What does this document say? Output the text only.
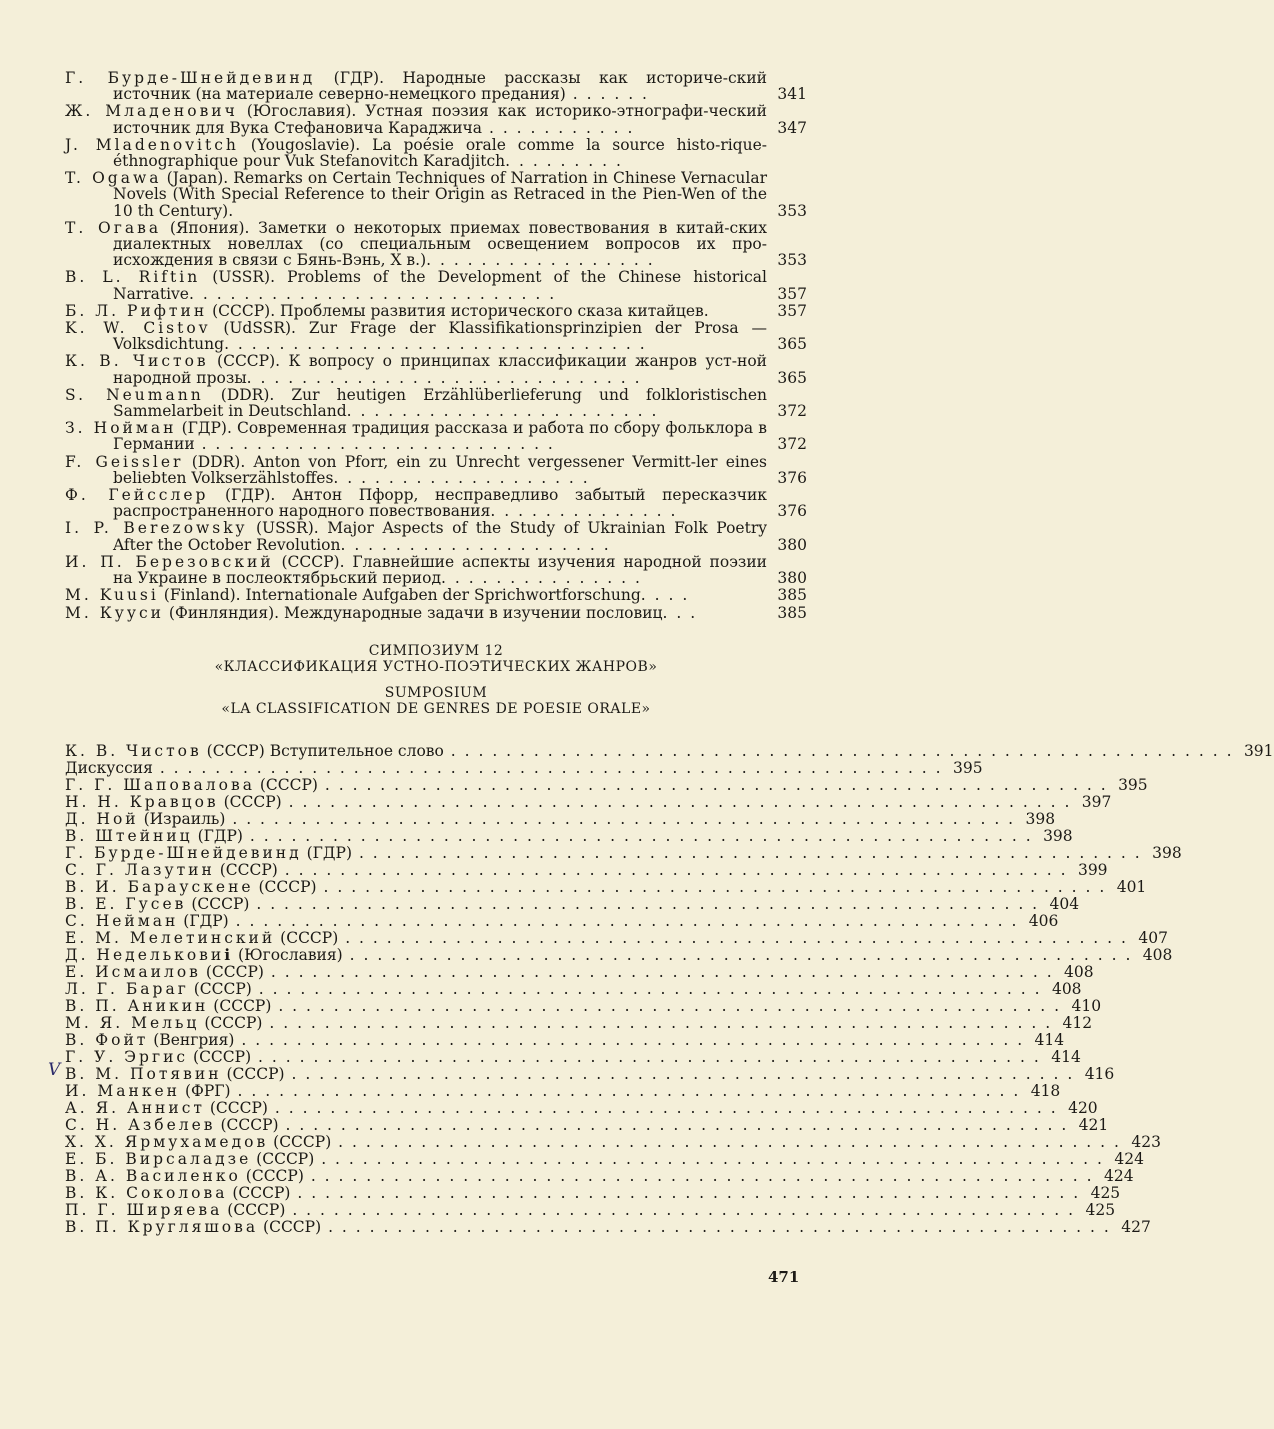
Г. Бурде-Шнейдевинд (ГДР). Народные рассказы как историче-ский источник (на материале северно-немецкого предания) . . . . . .	341
Ж. Младенович (Югославия). Устная поэзия как историко-этнографи-ческий источник для Вука Стефановича Караджича . . . . . . . . . . .	347
J. Mladenovitch (Yougoslavie). La poésie orale comme la source histo-rique-éthnographique pour Vuk Stefanovitch Karadjitch. . . . . . . . .
T. Ogawa (Japan). Remarks on Certain Techniques of Narration in Chinese Vernacular Novels (With Special Reference to their Origin as Retraced in the Pien-Wen of the 10 th Century).	353
Т. Огава (Япония). Заметки о некоторых приемах повествования в китай-ских диалектных новеллах (со специальным освещением вопросов их про-исхождения в связи с Бянь-Вэнь, X в.). . . . . . . . . . . . . . . . .	353
B. L. Riftin (USSR). Problems of the Development of the Chinese historical Narrative. . . . . . . . . . . . . . . . . . . . . . . . . . .	357
Б. Л. Рифтин (СССР). Проблемы развития исторического сказа китайцев.	357
K. W. Cistov (UdSSR). Zur Frage der Klassifikationsprinzipien der Prosa — Volksdichtung. . . . . . . . . . . . . . . . . . . . . . . . . . . . . . .	365
К. В. Чистов (СССР). К вопросу о принципах классификации жанров уст-ной народной прозы. . . . . . . . . . . . . . . . . . . . . . . . . . . . .	365
S. Neumann (DDR). Zur heutigen Erzählüberlieferung und folkloristischen Sammelarbeit in Deutschland. . . . . . . . . . . . . . . . . . . . . . .	372
З. Нойман (ГДР). Современная традиция рассказа и работа по сбору фольклора в Германии . . . . . . . . . . . . . . . . . . . . . . . . . .	372
F. Geissler (DDR). Anton von Pforr, ein zu Unrecht vergessener Vermitt-ler eines beliebten Volkserzählstoffes. . . . . . . . . . . . . . . . . . .	376
Ф. Гейсслер (ГДР). Антон Пфорр, несправедливо забытый пересказчик распространенного народного повествования. . . . . . . . . . . . . .	376
I. P. Berezowsky (USSR). Major Aspects of the Study of Ukrainian Folk Poetry After the October Revolution. . . . . . . . . . . . . . . . . . . .	380
И. П. Березовский (СССР). Главнейшие аспекты изучения народной поэзии на Украине в послеоктябрьский период. . . . . . . . . . . . . . .	380
M. Kuusi (Finland). Internationale Aufgaben der Sprichwortforschung. . . .	385
М. Кууси (Финляндия). Международные задачи в изучении пословиц. . .	385
СИМПОЗИУМ 12
«КЛАССИФИКАЦИЯ УСТНО-ПОЭТИЧЕСКИХ ЖАНРОВ»
SUMPOSIUM
«LA CLASSIFICATION DE GENRES DE POESIE ORALE»
К. В. Чистов (СССР) Вступительное слово . . . . . . . . . . . . . . . . . . . . . . . . . . . . . . . . . . . . . . . . . . . . . . . . . . . . . . . . . 391
Дискуссия . . . . . . . . . . . . . . . . . . . . . . . . . . . . . . . . . . . . . . . . . . . . . . . . . . . . . . . . . 395
Г. Г. Шаповалова (СССР) . . . . . . . . . . . . . . . . . . . . . . . . . . . . . . . . . . . . . . . . . . . . . . . . . . . . . . . . . 395
Н. Н. Кравцов (СССР) . . . . . . . . . . . . . . . . . . . . . . . . . . . . . . . . . . . . . . . . . . . . . . . . . . . . . . . . . 397
Д. Ной (Израиль) . . . . . . . . . . . . . . . . . . . . . . . . . . . . . . . . . . . . . . . . . . . . . . . . . . . . . . . . . 398
В. Штейниц (ГДР) . . . . . . . . . . . . . . . . . . . . . . . . . . . . . . . . . . . . . . . . . . . . . . . . . . . . . . . . . 398
Г. Бурде-Шнейдевинд (ГДР) . . . . . . . . . . . . . . . . . . . . . . . . . . . . . . . . . . . . . . . . . . . . . . . . . . . . . . . . . 398
С. Г. Лазутин (СССР) . . . . . . . . . . . . . . . . . . . . . . . . . . . . . . . . . . . . . . . . . . . . . . . . . . . . . . . . . 399
В. И. Барауск​ене (СССР) . . . . . . . . . . . . . . . . . . . . . . . . . . . . . . . . . . . . . . . . . . . . . . . . . . . . . . . . . 401
В. Е. Гусев (СССР) . . . . . . . . . . . . . . . . . . . . . . . . . . . . . . . . . . . . . . . . . . . . . . . . . . . . . . . . . 404
С. Нейман (ГДР) . . . . . . . . . . . . . . . . . . . . . . . . . . . . . . . . . . . . . . . . . . . . . . . . . . . . . . . . . 406
Е. М. Мелетинский (СССР) . . . . . . . . . . . . . . . . . . . . . . . . . . . . . . . . . . . . . . . . . . . . . . . . . . . . . . . . . 407
Д. Недельковиℹ (Югославия) . . . . . . . . . . . . . . . . . . . . . . . . . . . . . . . . . . . . . . . . . . . . . . . . . . . . . . . . . 408
Е. Исмаилов (СССР) . . . . . . . . . . . . . . . . . . . . . . . . . . . . . . . . . . . . . . . . . . . . . . . . . . . . . . . . . 408
Л. Г. Бараг (СССР) . . . . . . . . . . . . . . . . . . . . . . . . . . . . . . . . . . . . . . . . . . . . . . . . . . . . . . . . . 408
В. П. Аникин (СССР) . . . . . . . . . . . . . . . . . . . . . . . . . . . . . . . . . . . . . . . . . . . . . . . . . . . . . . . . . 410
М. Я. Мельц (СССР) . . . . . . . . . . . . . . . . . . . . . . . . . . . . . . . . . . . . . . . . . . . . . . . . . . . . . . . . . 412
В. Фойт (Венгрия) . . . . . . . . . . . . . . . . . . . . . . . . . . . . . . . . . . . . . . . . . . . . . . . . . . . . . . . . . 414
Г. У. Эргис (СССР) . . . . . . . . . . . . . . . . . . . . . . . . . . . . . . . . . . . . . . . . . . . . . . . . . . . . . . . . . 414
В. М. Потявин (СССР) . . . . . . . . . . . . . . . . . . . . . . . . . . . . . . . . . . . . . . . . . . . . . . . . . . . . . . . . . 416
И. Манкен (ФРГ) . . . . . . . . . . . . . . . . . . . . . . . . . . . . . . . . . . . . . . . . . . . . . . . . . . . . . . . . . 418
А. Я. Аннист (СССР) . . . . . . . . . . . . . . . . . . . . . . . . . . . . . . . . . . . . . . . . . . . . . . . . . . . . . . . . . 420
С. Н. Азбелев (СССР) . . . . . . . . . . . . . . . . . . . . . . . . . . . . . . . . . . . . . . . . . . . . . . . . . . . . . . . . . 421
Х. Х. Ярмухамедов (СССР) . . . . . . . . . . . . . . . . . . . . . . . . . . . . . . . . . . . . . . . . . . . . . . . . . . . . . . . . . 423
Е. Б. Вирсаладзе (СССР) . . . . . . . . . . . . . . . . . . . . . . . . . . . . . . . . . . . . . . . . . . . . . . . . . . . . . . . . . 424
В. А. Василенко (СССР) . . . . . . . . . . . . . . . . . . . . . . . . . . . . . . . . . . . . . . . . . . . . . . . . . . . . . . . . . 424
В. К. Соколова (СССР) . . . . . . . . . . . . . . . . . . . . . . . . . . . . . . . . . . . . . . . . . . . . . . . . . . . . . . . . . 425
П. Г. Ширяева (СССР) . . . . . . . . . . . . . . . . . . . . . . . . . . . . . . . . . . . . . . . . . . . . . . . . . . . . . . . . . 425
В. П. Кругляшова (СССР) . . . . . . . . . . . . . . . . . . . . . . . . . . . . . . . . . . . . . . . . . . . . . . . . . . . . . . . . . 427
V
471
